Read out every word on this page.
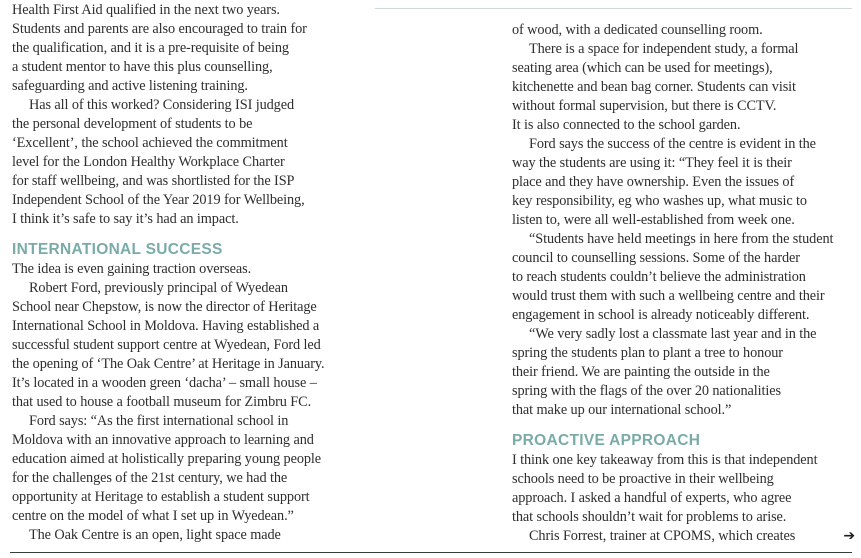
Health First Aid qualified in the next two years.
Students and parents are also encouraged to train for
the qualification, and it is a pre-requisite of being
a student mentor to have this plus counselling,
safeguarding and active listening training.
Has all of this worked? Considering ISI judged
the personal development of students to be
‘Excellent’, the school achieved the commitment
level for the London Healthy Workplace Charter
for staff wellbeing, and was shortlisted for the ISP
Independent School of the Year 2019 for Wellbeing,
I think it’s safe to say it’s had an impact.
INTERNATIONAL SUCCESS
The idea is even gaining traction overseas.
Robert Ford, previously principal of Wyedean
School near Chepstow, is now the director of Heritage
International School in Moldova. Having established a
successful student support centre at Wyedean, Ford led
the opening of ‘The Oak Centre’ at Heritage in January.
It’s located in a wooden green ‘dacha’ – small house –
that used to house a football museum for Zimbru FC.
Ford says: “As the first international school in
Moldova with an innovative approach to learning and
education aimed at holistically preparing young people
for the challenges of the 21st century, we had the
opportunity at Heritage to establish a student support
centre on the model of what I set up in Wyedean.”
The Oak Centre is an open, light space made
of wood, with a dedicated counselling room.
There is a space for independent study, a formal
seating area (which can be used for meetings),
kitchenette and bean bag corner. Students can visit
without formal supervision, but there is CCTV.
It is also connected to the school garden.
Ford says the success of the centre is evident in the
way the students are using it: “They feel it is their
place and they have ownership. Even the issues of
key responsibility, eg who washes up, what music to
listen to, were all well-established from week one.
“Students have held meetings in here from the student
council to counselling sessions. Some of the harder
to reach students couldn’t believe the administration
would trust them with such a wellbeing centre and their
engagement in school is already noticeably different.
“We very sadly lost a classmate last year and in the
spring the students plan to plant a tree to honour
their friend. We are painting the outside in the
spring with the flags of the over 20 nationalities
that make up our international school.”
PROACTIVE APPROACH
I think one key takeaway from this is that independent
schools need to be proactive in their wellbeing
approach. I asked a handful of experts, who agree
that schools shouldn’t wait for problems to arise.
Chris Forrest, trainer at CPOMS, which creates	➔
